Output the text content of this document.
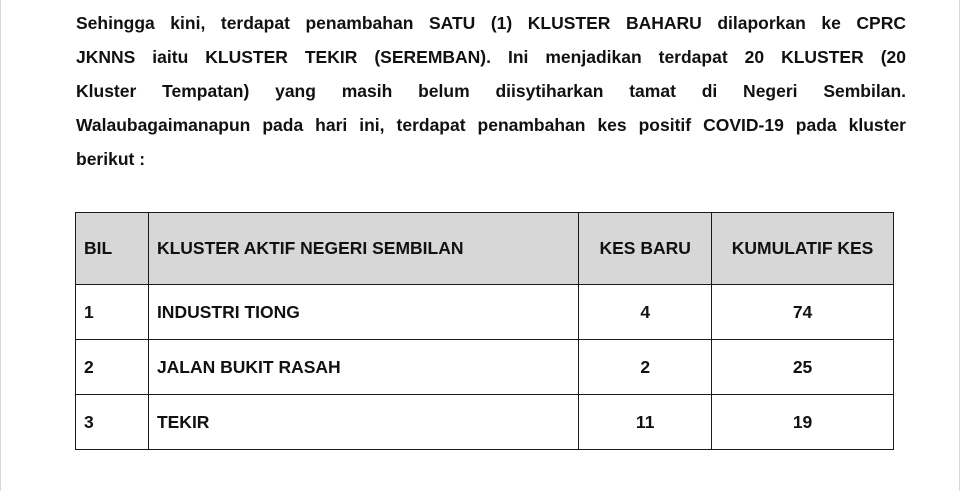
Sehingga kini, terdapat penambahan SATU (1) KLUSTER BAHARU dilaporkan ke CPRC
JKNNS iaitu KLUSTER TEKIR (SEREMBAN). Ini menjadikan terdapat 20 KLUSTER (20
Kluster Tempatan) yang masih belum diisytiharkan tamat di Negeri Sembilan.
Walaubagaimanapun pada hari ini, terdapat penambahan kes positif COVID-19 pada kluster
berikut :

BIL	KLUSTER AKTIF NEGERI SEMBILAN	KES BARU	KUMULATIF KES
1	INDUSTRI TIONG	4	74
2	JALAN BUKIT RASAH	2	25
3	TEKIR	11	19
